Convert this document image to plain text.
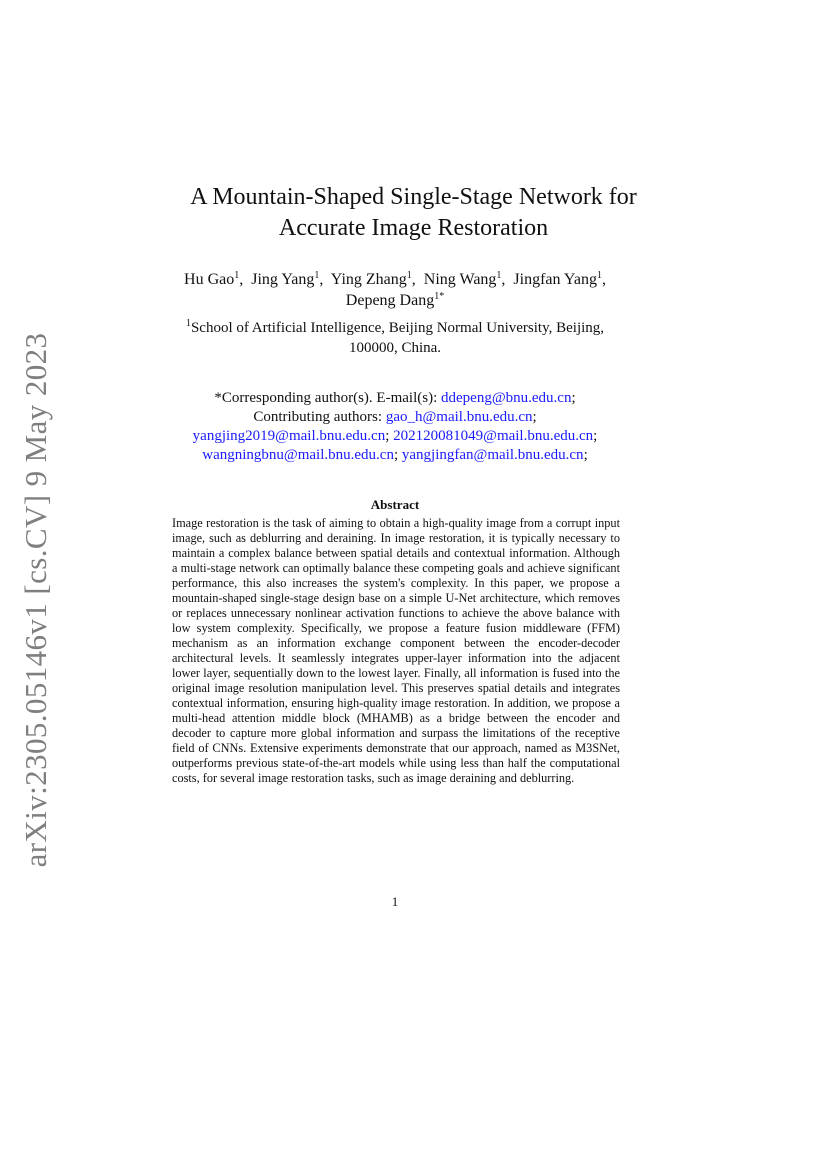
arXiv:2305.05146v1 [cs.CV] 9 May 2023
A Mountain-Shaped Single-Stage Network for
Accurate Image Restoration
Hu Gao$^1$,  Jing Yang$^1$,  Ying Zhang$^1$,  Ning Wang$^1$,  Jingfan Yang$^1$,
Depeng Dang$^{1*}$
$^1$School of Artificial Intelligence, Beijing Normal University, Beijing,
100000, China.
*Corresponding author(s). E-mail(s): ddepeng@bnu.edu.cn;
Contributing authors: gao_h@mail.bnu.edu.cn;
yangjing2019@mail.bnu.edu.cn; 202120081049@mail.bnu.edu.cn;
wangningbnu@mail.bnu.edu.cn; yangjingfan@mail.bnu.edu.cn;
Abstract
Image restoration is the task of aiming to obtain a high-quality image from a corrupt input image, such as deblurring and deraining. In image restoration, it is typically necessary to maintain a complex balance between spatial details and contextual information. Although a multi-stage network can optimally balance these competing goals and achieve significant performance, this also increases the system's complexity. In this paper, we propose a mountain-shaped single-stage design base on a simple U-Net architecture, which removes or replaces unnecessary nonlinear activation functions to achieve the above balance with low system complexity. Specifically, we propose a feature fusion middleware (FFM) mechanism as an information exchange component between the encoder-decoder architectural levels. It seamlessly integrates upper-layer information into the adjacent lower layer, sequentially down to the lowest layer. Finally, all information is fused into the original image resolution manipulation level. This preserves spatial details and integrates contextual information, ensuring high-quality image restoration. In addition, we propose a multi-head attention middle block (MHAMB) as a bridge between the encoder and decoder to capture more global information and surpass the limitations of the receptive field of CNNs. Extensive experiments demonstrate that our approach, named as M3SNet, outperforms previous state-of-the-art models while using less than half the computational costs, for several image restoration tasks, such as image deraining and deblurring.
1
